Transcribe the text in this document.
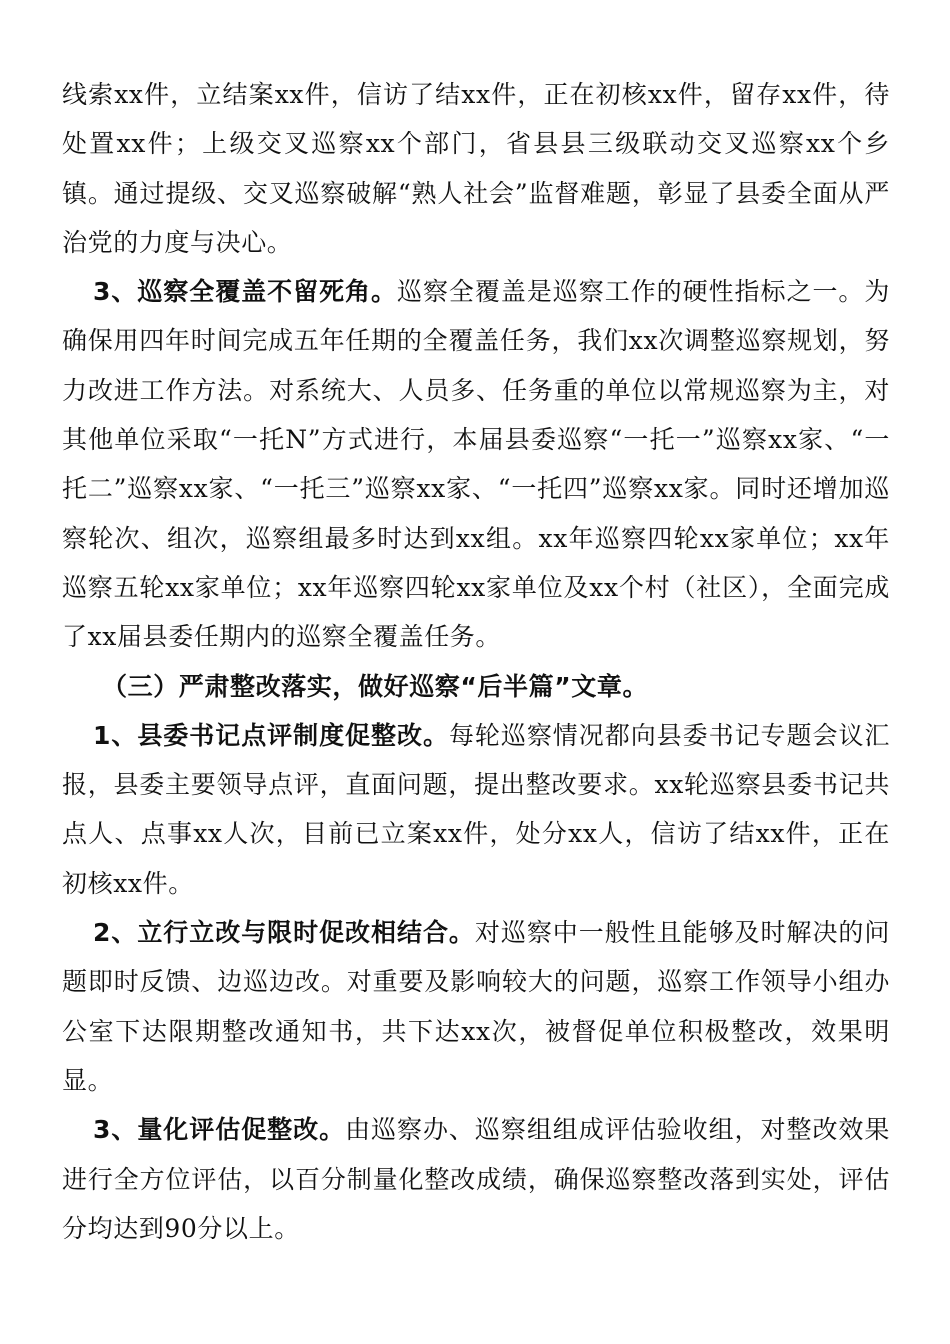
线索xx件，立结案xx件，信访了结xx件，正在初核xx件，留存xx件，待处置xx件；上级交叉巡察xx个部门，省县县三级联动交叉巡察xx个乡镇。通过提级、交叉巡察破解“熟人社会”监督难题，彰显了县委全面从严治党的力度与决心。

3、巡察全覆盖不留死角。巡察全覆盖是巡察工作的硬性指标之一。为确保用四年时间完成五年任期的全覆盖任务，我们xx次调整巡察规划，努力改进工作方法。对系统大、人员多、任务重的单位以常规巡察为主，对其他单位采取“一托N”方式进行，本届县委巡察“一托一”巡察xx家、“一托二”巡察xx家、“一托三”巡察xx家、“一托四”巡察xx家。同时还增加巡察轮次、组次，巡察组最多时达到xx组。xx年巡察四轮xx家单位；xx年巡察五轮xx家单位；xx年巡察四轮xx家单位及xx个村（社区），全面完成了xx届县委任期内的巡察全覆盖任务。

（三）严肃整改落实，做好巡察“后半篇”文章。

1、县委书记点评制度促整改。每轮巡察情况都向县委书记专题会议汇报，县委主要领导点评，直面问题，提出整改要求。xx轮巡察县委书记共点人、点事xx人次，目前已立案xx件，处分xx人，信访了结xx件，正在初核xx件。

2、立行立改与限时促改相结合。对巡察中一般性且能够及时解决的问题即时反馈、边巡边改。对重要及影响较大的问题，巡察工作领导小组办公室下达限期整改通知书，共下达xx次，被督促单位积极整改，效果明显。

3、量化评估促整改。由巡察办、巡察组组成评估验收组，对整改效果进行全方位评估，以百分制量化整改成绩，确保巡察整改落到实处，评估分均达到90分以上。
